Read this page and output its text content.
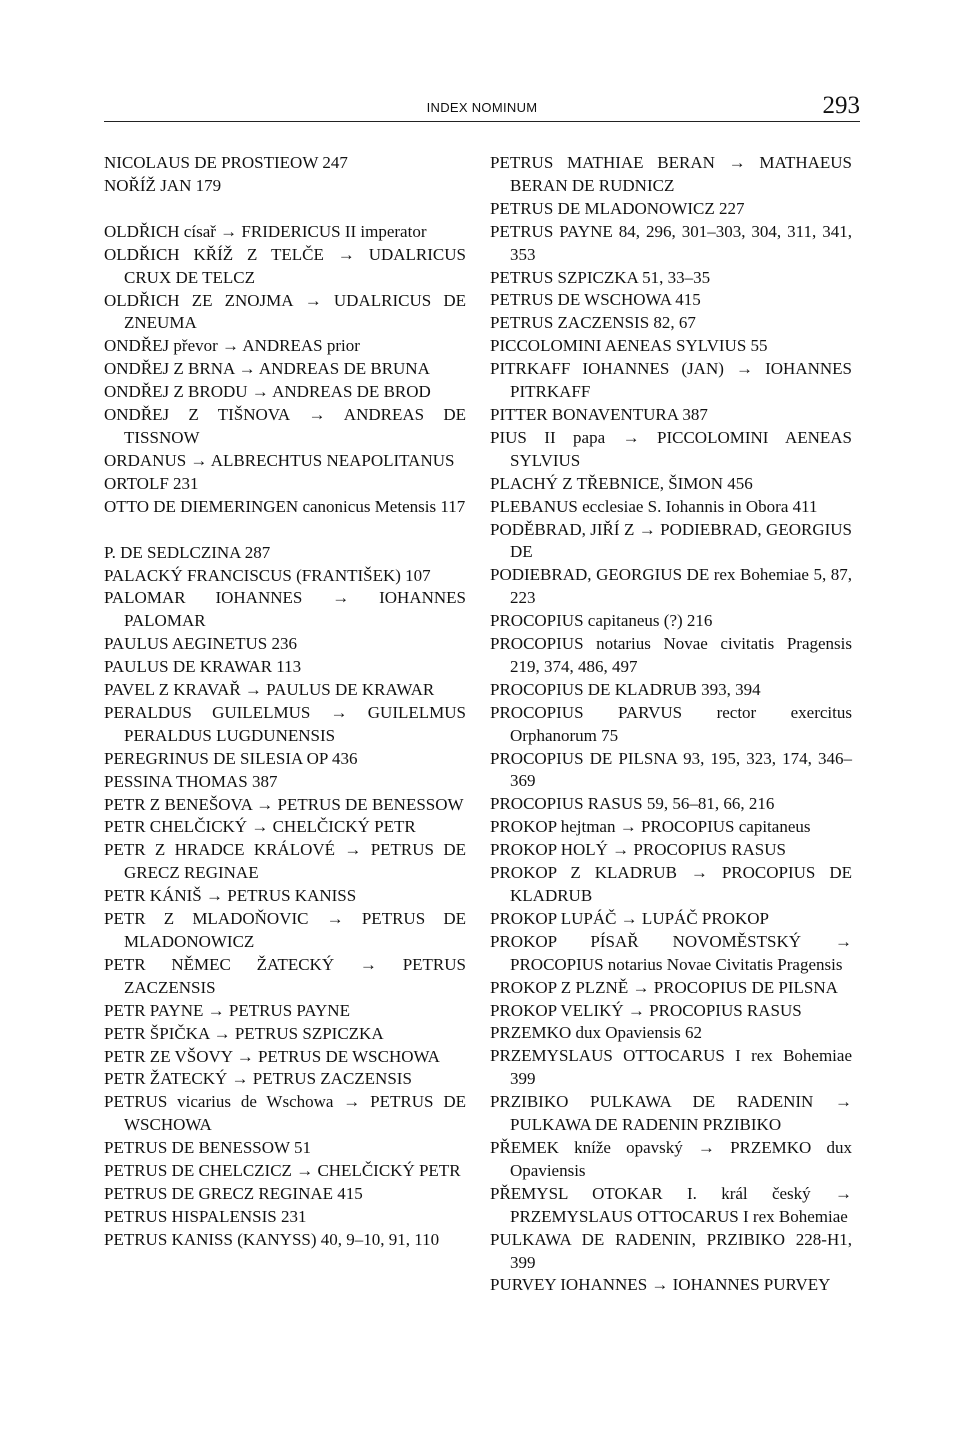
INDEX NOMINUM	293
NICOLAUS DE PROSTIEOW 247
NOŘÍŽ JAN 179
OLDŘICH císař → FRIDERICUS II imperator
OLDŘICH KŘÍŽ Z TELČE → UDALRICUS CRUX DE TELCZ
OLDŘICH ZE ZNOJMA → UDALRICUS DE ZNEUMA
ONDŘEJ převor → ANDREAS prior
ONDŘEJ Z BRNA → ANDREAS DE BRUNA
ONDŘEJ Z BRODU → ANDREAS DE BROD
ONDŘEJ Z TIŠNOVA → ANDREAS DE TISSNOW
ORDANUS → ALBRECHTUS NEAPOLITANUS
ORTOLF 231
OTTO DE DIEMERINGEN canonicus Metensis 117
P. DE SEDLCZINA 287
PALACKÝ FRANCISCUS (FRANTIŠEK) 107
PALOMAR IOHANNES → IOHANNES PALOMAR
PAULUS AEGINETUS 236
PAULUS DE KRAWAR 113
PAVEL Z KRAVAŘ → PAULUS DE KRAWAR
PERALDUS GUILELMUS → GUILELMUS PERALDUS LUGDUNENSIS
PEREGRINUS DE SILESIA OP 436
PESSINA THOMAS 387
PETR Z BENEŠOVA → PETRUS DE BENESSOW
PETR CHELČICKÝ → CHELČICKÝ PETR
PETR Z HRADCE KRÁLOVÉ → PETRUS DE GRECZ REGINAE
PETR KÁNIŠ → PETRUS KANISS
PETR Z MLADOŇOVIC → PETRUS DE MLADONOWICZ
PETR NĚMEC ŽATECKÝ → PETRUS ZACZENSIS
PETR PAYNE → PETRUS PAYNE
PETR ŠPIČKA → PETRUS SZPICZKA
PETR ZE VŠOVY → PETRUS DE WSCHOWA
PETR ŽATECKÝ → PETRUS ZACZENSIS
PETRUS vicarius de Wschowa → PETRUS DE WSCHOWA
PETRUS DE BENESSOW 51
PETRUS DE CHELCZICZ → CHELČICKÝ PETR
PETRUS DE GRECZ REGINAE 415
PETRUS HISPALENSIS 231
PETRUS KANISS (KANYSS) 40, 9–10, 91, 110
PETRUS MATHIAE BERAN → MATHAEUS BERAN DE RUDNICZ
PETRUS DE MLADONOWICZ 227
PETRUS PAYNE 84, 296, 301–303, 304, 311, 341, 353
PETRUS SZPICZKA 51, 33–35
PETRUS DE WSCHOWA 415
PETRUS ZACZENSIS 82, 67
PICCOLOMINI AENEAS SYLVIUS 55
PITRKAFF IOHANNES (JAN) → IOHANNES PITRKAFF
PITTER BONAVENTURA 387
PIUS II papa → PICCOLOMINI AENEAS SYLVIUS
PLACHÝ Z TŘEBNICE, ŠIMON 456
PLEBANUS ecclesiae S. Iohannis in Obora 411
PODĚBRAD, JIŘÍ Z → PODIEBRAD, GEORGIUS DE
PODIEBRAD, GEORGIUS DE rex Bohemiae 5, 87, 223
PROCOPIUS capitaneus (?) 216
PROCOPIUS notarius Novae civitatis Pragensis 219, 374, 486, 497
PROCOPIUS DE KLADRUB 393, 394
PROCOPIUS PARVUS rector exercitus Orphanorum 75
PROCOPIUS DE PILSNA 93, 195, 323, 174, 346–369
PROCOPIUS RASUS 59, 56–81, 66, 216
PROKOP hejtman → PROCOPIUS capitaneus
PROKOP HOLÝ → PROCOPIUS RASUS
PROKOP Z KLADRUB → PROCOPIUS DE KLADRUB
PROKOP LUPÁČ → LUPÁČ PROKOP
PROKOP PÍSAŘ NOVOMĚSTSKÝ → PROCOPIUS notarius Novae Civitatis Pragensis
PROKOP Z PLZNĚ → PROCOPIUS DE PILSNA
PROKOP VELIKÝ → PROCOPIUS RASUS
PRZEMKO dux Opaviensis 62
PRZEMYSLAUS OTTOCARUS I rex Bohemiae 399
PRZIBIKO PULKAWA DE RADENIN → PULKAWA DE RADENIN PRZIBIKO
PŘEMEK kníže opavský → PRZEMKO dux Opaviensis
PŘEMYSL OTOKAR I. král český → PRZEMYSLAUS OTTOCARUS I rex Bohemiae
PULKAWA DE RADENIN, PRZIBIKO 228-H1, 399
PURVEY IOHANNES → IOHANNES PURVEY
